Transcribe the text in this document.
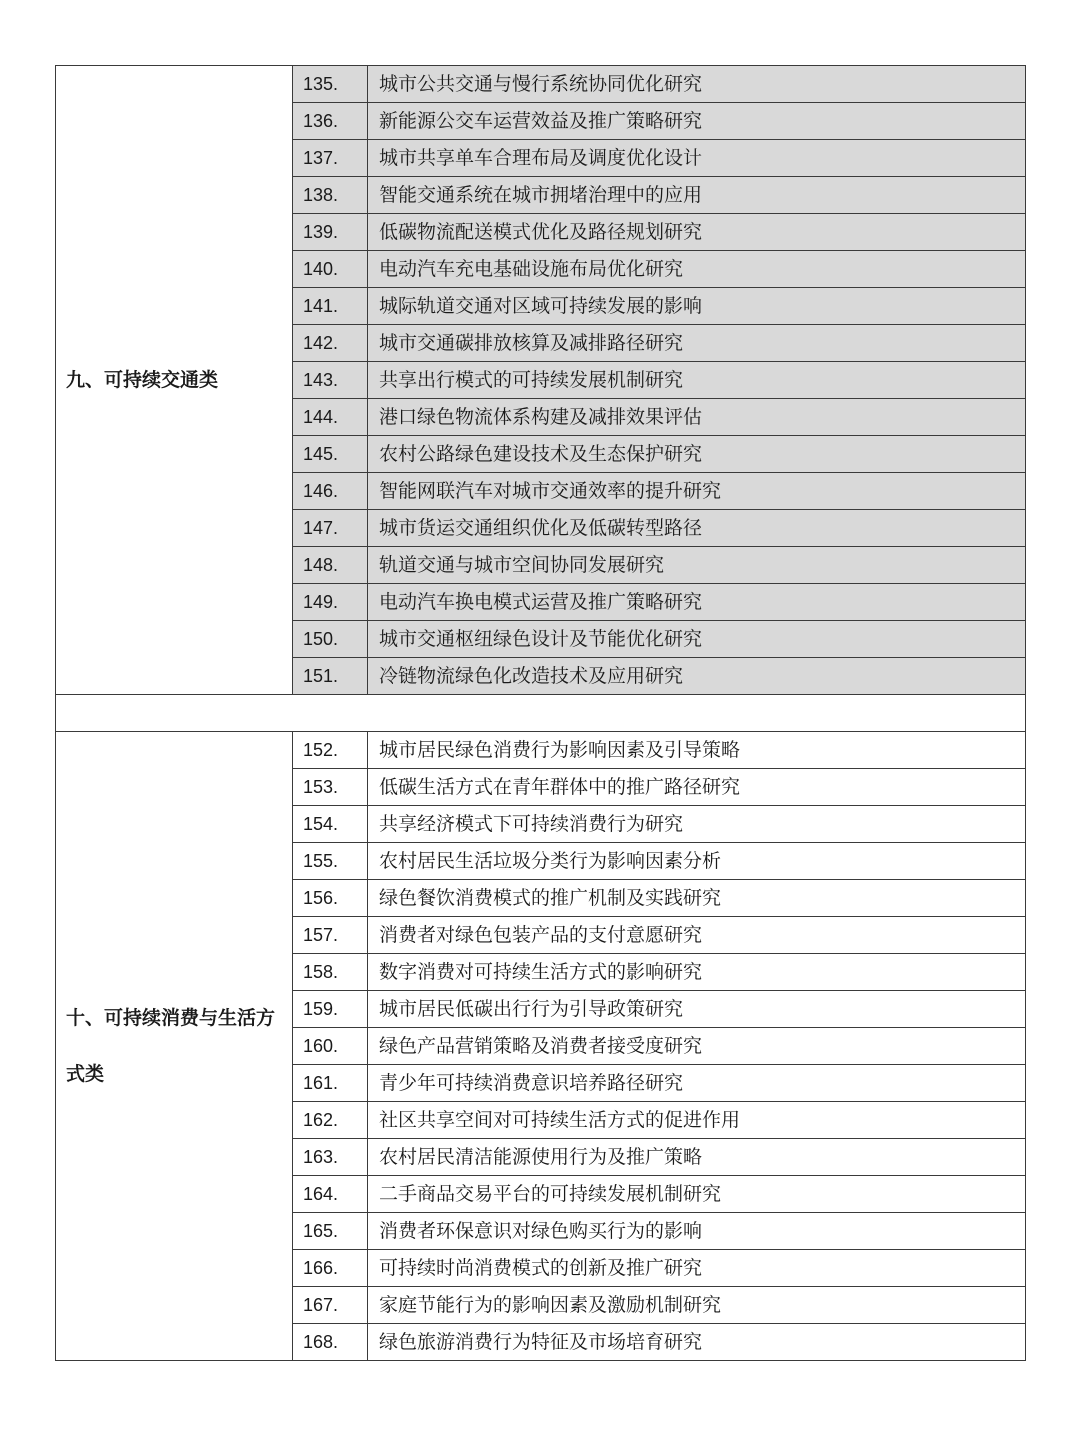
九、可持续交通类	135.	城市公共交通与慢行系统协同优化研究
	136.	新能源公交车运营效益及推广策略研究
	137.	城市共享单车合理布局及调度优化设计
	138.	智能交通系统在城市拥堵治理中的应用
	139.	低碳物流配送模式优化及路径规划研究
	140.	电动汽车充电基础设施布局优化研究
	141.	城际轨道交通对区域可持续发展的影响
	142.	城市交通碳排放核算及减排路径研究
	143.	共享出行模式的可持续发展机制研究
	144.	港口绿色物流体系构建及减排效果评估
	145.	农村公路绿色建设技术及生态保护研究
	146.	智能网联汽车对城市交通效率的提升研究
	147.	城市货运交通组织优化及低碳转型路径
	148.	轨道交通与城市空间协同发展研究
	149.	电动汽车换电模式运营及推广策略研究
	150.	城市交通枢纽绿色设计及节能优化研究
	151.	冷链物流绿色化改造技术及应用研究

十、可持续消费与生活方式类	152.	城市居民绿色消费行为影响因素及引导策略
	153.	低碳生活方式在青年群体中的推广路径研究
	154.	共享经济模式下可持续消费行为研究
	155.	农村居民生活垃圾分类行为影响因素分析
	156.	绿色餐饮消费模式的推广机制及实践研究
	157.	消费者对绿色包装产品的支付意愿研究
	158.	数字消费对可持续生活方式的影响研究
	159.	城市居民低碳出行行为引导政策研究
	160.	绿色产品营销策略及消费者接受度研究
	161.	青少年可持续消费意识培养路径研究
	162.	社区共享空间对可持续生活方式的促进作用
	163.	农村居民清洁能源使用行为及推广策略
	164.	二手商品交易平台的可持续发展机制研究
	165.	消费者环保意识对绿色购买行为的影响
	166.	可持续时尚消费模式的创新及推广研究
	167.	家庭节能行为的影响因素及激励机制研究
	168.	绿色旅游消费行为特征及市场培育研究
